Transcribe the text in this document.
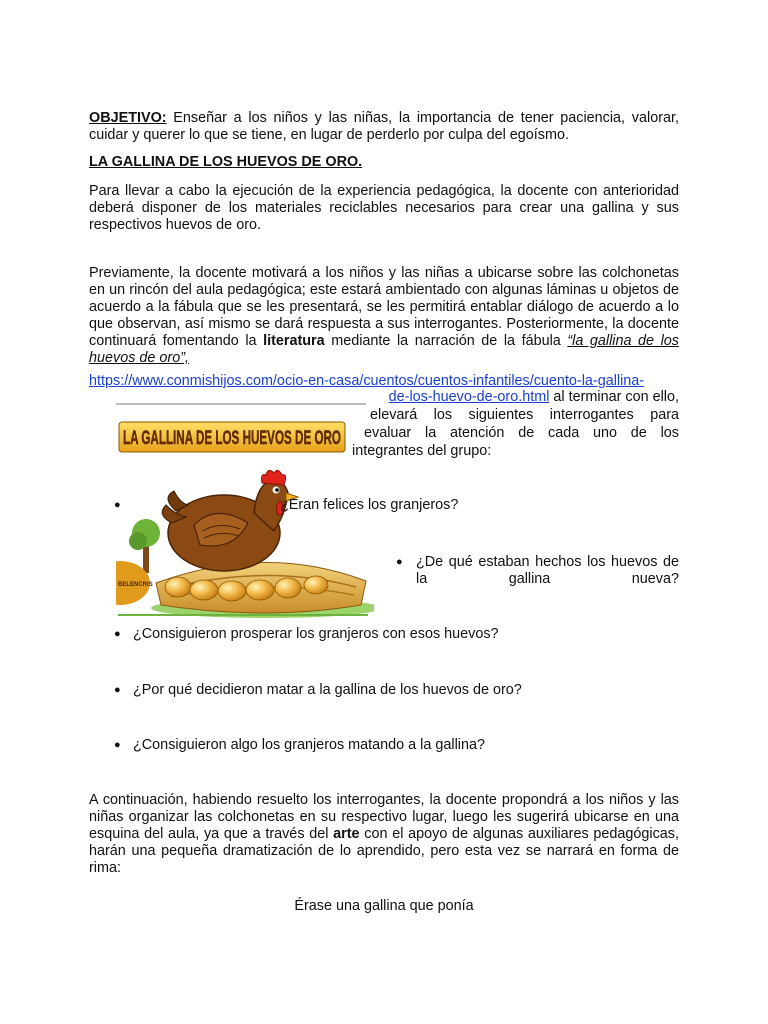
OBJETIVO: Enseñar a los niños y las niñas, la importancia de tener paciencia, valorar, cuidar y querer lo que se tiene, en lugar de perderlo por culpa del egoísmo.
LA GALLINA DE LOS HUEVOS DE ORO.
Para llevar a cabo la ejecución de la experiencia pedagógica, la docente con anterioridad deberá disponer de los materiales reciclables necesarios para crear una gallina y sus respectivos huevos de oro.
Previamente, la docente motivará a los niños y las niñas a ubicarse sobre las colchonetas en un rincón del aula pedagógica; este estará ambientado con algunas láminas u objetos de acuerdo a la fábula que se les presentará, se les permitirá entablar diálogo de acuerdo a lo que observan, así mismo se dará respuesta a sus interrogantes. Posteriormente, la docente continuará fomentando la literatura mediante la narración de la fábula “la gallina de los huevos de oro”,
https://www.conmishijos.com/ocio-en-casa/cuentos/cuentos-infantiles/cuento-la-gallina-
de-los-huevo-de-oro.html al terminar con ello,
elevará los siguientes interrogantes para
evaluar la atención de cada uno de los
integrantes del grupo:
LA GALLINA DE LOS HUEVOS DE ORO
BELENCRIS
●	¿Eran felices los granjeros?
● ¿De qué estaban hechos los huevos de la gallina nueva?
● ¿Consiguieron prosperar los granjeros con esos huevos?
● ¿Por qué decidieron matar a la gallina de los huevos de oro?
● ¿Consiguieron algo los granjeros matando a la gallina?
A continuación, habiendo resuelto los interrogantes, la docente propondrá a los niños y las niñas organizar las colchonetas en su respectivo lugar, luego les sugerirá ubicarse en una esquina del aula, ya que a través del arte con el apoyo de algunas auxiliares pedagógicas, harán una pequeña dramatización de lo aprendido, pero esta vez se narrará en forma de rima:
Érase una gallina que ponía
